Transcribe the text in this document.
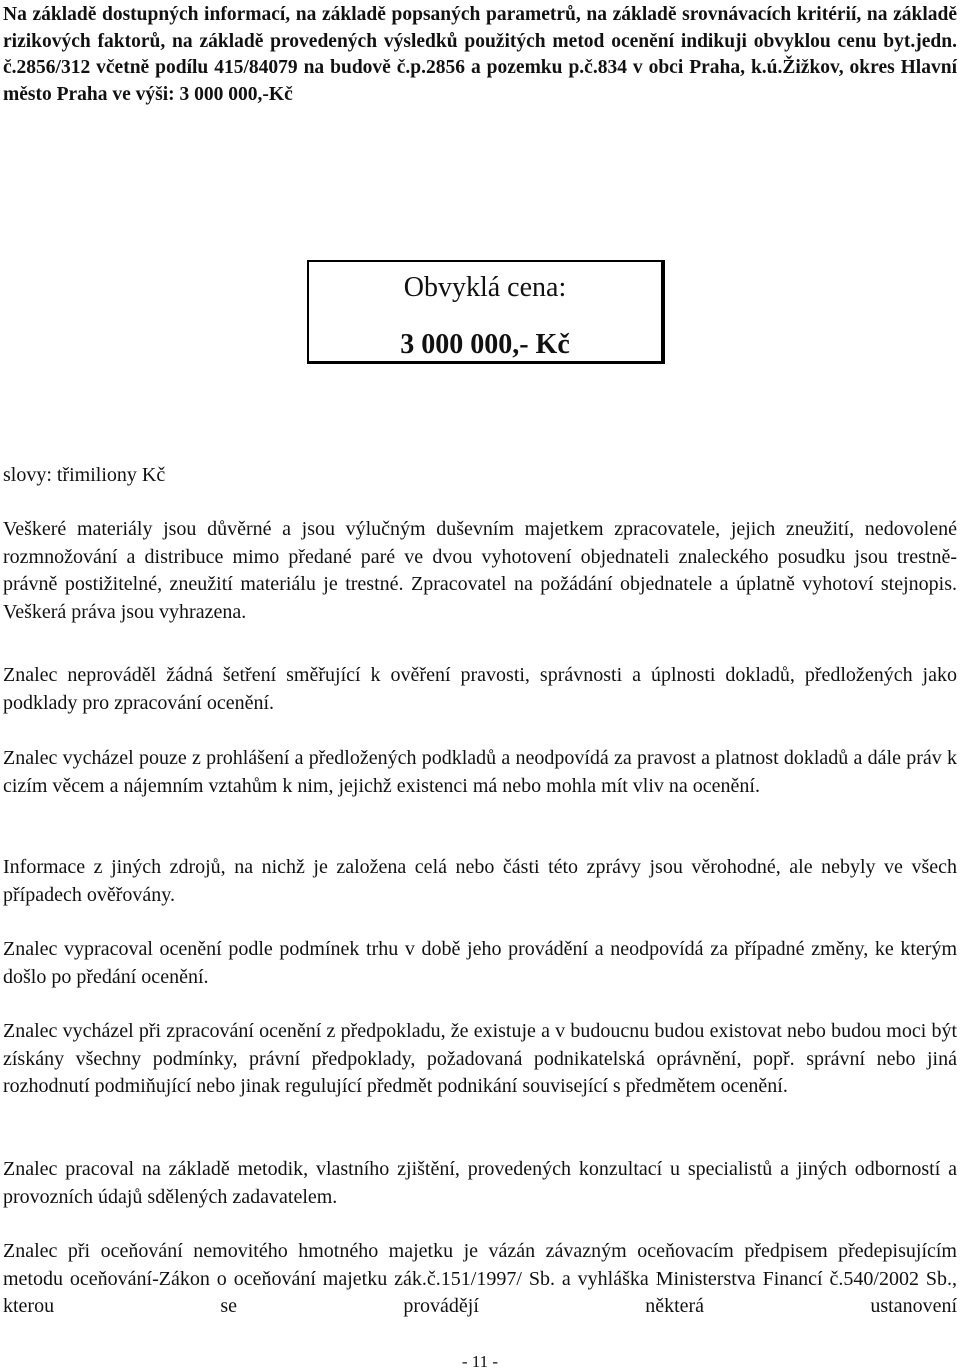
Na základě dostupných informací, na základě popsaných parametrů, na základě srovnávacích kritérií, na základě rizikových faktorů, na základě provedených výsledků použitých metod ocenění indikuji obvyklou cenu byt.jedn. č.2856/312 včetně podílu 415/84079 na budově č.p.2856 a pozemku p.č.834 v obci Praha, k.ú.Žižkov, okres Hlavní město Praha ve výši: 3 000 000,-Kč

Obvyklá cena:

3 000 000,- Kč

slovy: třimiliony Kč

Veškeré materiály jsou důvěrné a jsou výlučným duševním majetkem zpracovatele, jejich zneužití, nedovolené rozmnožování a distribuce mimo předané paré ve dvou vyhotovení objednateli znaleckého posudku jsou trestně-právně postižitelné, zneužití materiálu je trestné. Zpracovatel na požádání objednatele a úplatně vyhotoví stejnopis. Veškerá práva jsou vyhrazena.

Znalec neprováděl žádná šetření směřující k ověření pravosti, správnosti a úplnosti dokladů, předložených jako podklady pro zpracování ocenění.

Znalec vycházel pouze z prohlášení a předložených podkladů a neodpovídá za pravost a platnost dokladů a dále práv k cizím věcem a nájemním vztahům k nim, jejichž existenci má nebo mohla mít vliv na ocenění.

Informace z jiných zdrojů, na nichž je založena celá nebo části této zprávy jsou věrohodné, ale nebyly ve všech případech ověřovány.

Znalec vypracoval ocenění podle podmínek trhu v době jeho provádění a neodpovídá za případné změny, ke kterým došlo po předání ocenění.

Znalec vycházel při zpracování ocenění z předpokladu, že existuje a v budoucnu budou existovat nebo budou moci být získány všechny podmínky, právní předpoklady, požadovaná podnikatelská oprávnění, popř. správní nebo jiná rozhodnutí podmiňující nebo jinak regulující předmět podnikání související s předmětem ocenění.

Znalec pracoval na základě metodik, vlastního zjištění, provedených konzultací u specialistů a jiných odborností a provozních údajů sdělených zadavatelem.

Znalec při oceňování nemovitého hmotného majetku je vázán závazným oceňovacím předpisem předepisujícím metodu oceňování-Zákon o oceňování majetku zák.č.151/1997/ Sb. a vyhláška Ministerstva Financí č.540/2002 Sb., kterou se provádějí některá ustanovení

- 11 -
